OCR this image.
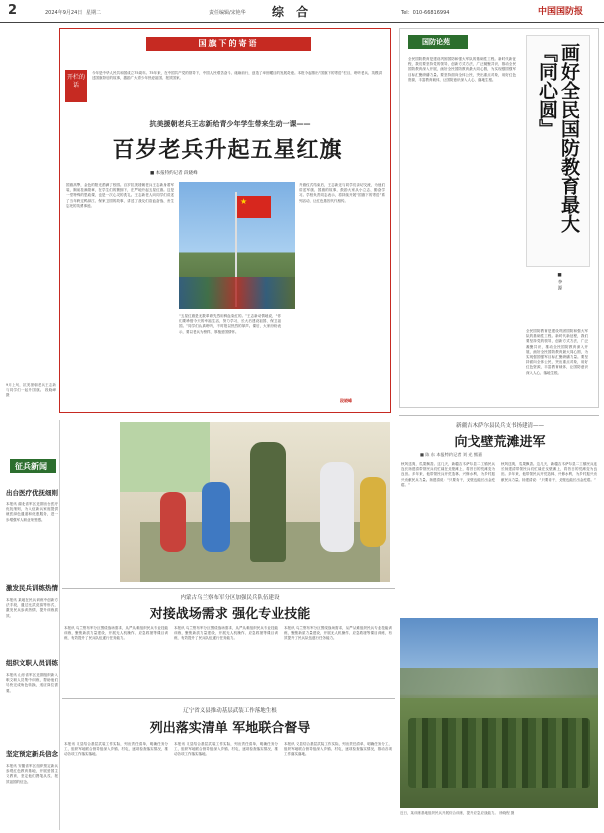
2	2024年9月24日 星期二	责任编辑/宋艳华 综 合	Tel：010-66816994	中国国防报
国旗下的寄语
开栏的话
今年是中华人民共和国成立75周年。75年来，在中国共产党的领导下，中国人民艰苦奋斗、砥砺前行，创造了举世瞩目的发展奇迹。本报今起推出“国旗下的寄语”栏目，聆听老兵、英模讲述国旗背后的故事，激励广大青少年热爱祖国、报效国家。
抗美援朝老兵王志新给青少年学生带来生动一课——
百岁老兵升起五星红旗
■ 本报特约记者 段晓峰
★
国旗高擎，金色的阳光洒满了校园。百岁抗美援朝老兵王志新身着军装，胸前挂满勋章，在学生们的簇拥下，庄严地升起五星红旗。这是一堂特殊的思政课，也是一次心灵的洗礼。王志新老人向同学们讲述了当年跨过鸭绿江、保家卫国的故事，讲述了战友们浴血奋战、舍生忘死的英勇事迹。
“五星红旗是无数革命先烈用鲜血染红的。”王志新动情地说，“你们要珍惜今天的幸福生活，努力学习，长大后建设祖国、保卫祖国。”同学们认真聆听，不时报以热烈的掌声。课后，大家纷纷表示，要以老兵为榜样，厚植爱国情怀。
升旗仪式结束后，王志新还与同学们亲切交流，为他们讲述军旗、国旗的故事，鼓励大家从小立志、勤奋学习。学校负责同志表示，将持续开展“国旗下的寄语”系列活动，让红色基因代代相传。
段晓峰
9月上旬，抗美援朝老兵王志新与同学们一起升国旗。 段晓峰 摄
征兵新闻
出台医疗优抚细则
本报讯 湖北省军区近期出台医疗优抚细则，为入伍新兵家庭提供就医绿色通道和优惠服务，进一步增强军人职业荣誉感。
激发民兵训练热情
本报讯 某地在民兵训练中创新方法手段，通过比武竞赛等形式，激发民兵参训热情，提升训练质效。
组织文职人员训练
本报讯 山东省军区近期组织新入职文职人员集中训练，帮助他们尽快完成角色转换，适应岗位需要。
坚定预定新兵信念
本报讯 安徽省军区组织预定新兵参观红色教育基地，开展爱国主义教育，坚定他们携笔从戎、报效祖国的信念。
国防论苑
画好全民国防教育最大『同心圆』
■ 李 源
全民国防教育是建设巩固国防和强大军队的基础性工程。新时代新征程，我们要坚持党的领导，创新方式方法，广泛凝聚共识，推动全民国防教育深入开展，画好全民国防教育最大同心圆，为实现强国强军目标汇聚磅礴力量。要坚持面向全体公民，突出重点对象，用好红色资源，丰富教育载体，让国防意识深入人心、落地生根。
全民国防教育是建设巩固国防和强大军队的基础性工程。新时代新征程，我们要坚持党的领导，创新方式方法，广泛凝聚共识，推动全民国防教育深入开展，画好全民国防教育最大同心圆，为实现强国强军目标汇聚磅礴力量。要坚持面向全体公民，突出重点对象，用好红色资源，丰富教育载体，让国防意识深入人心、落地生根。
新疆吉木萨尔县民兵支书扬建清——
向戈壁荒滩进军
■ 陈 东 本报特约记者 刘 光 熊嘉
秋风送爽，瓜果飘香。这几天，新疆吉木萨尔县二工镇民兵连长扬建清带领民兵们忙碌在戈壁滩上，将昔日的荒滩变为良田。多年来，他带领民兵开荒造林、兴修水利，为乡村振兴贡献民兵力量。扬建清说：“只要肯干，戈壁也能长出金疙瘩。”
秋风送爽，瓜果飘香。这几天，新疆吉木萨尔县二工镇民兵连长扬建清带领民兵们忙碌在戈壁滩上，将昔日的荒滩变为良田。多年来，他带领民兵开荒造林、兴修水利，为乡村振兴贡献民兵力量。扬建清说：“只要肯干，戈壁也能长出金疙瘩。”
内蒙古乌兰察布军分区加强民兵队伍建设
对接战场需求 强化专业技能
本报讯 乌兰察布军分区围绕战场需求，从严从难组织民兵专业技能训练，聚焦新质力量建设，开展无人机操作、应急救援等课目训练，有效提升了民兵队伍遂行任务能力。
本报讯 乌兰察布军分区围绕战场需求，从严从难组织民兵专业技能训练，聚焦新质力量建设，开展无人机操作、应急救援等课目训练，有效提升了民兵队伍遂行任务能力。
本报讯 乌兰察布军分区围绕战场需求，从严从难组织民兵专业技能训练，聚焦新质力量建设，开展无人机操作、应急救援等课目训练，有效提升了民兵队伍遂行任务能力。
辽宁省义县推动基层武装工作落地生根
列出落实清单 军地联合督导
本报讯 义县结合基层武装工作实际，列出责任清单，明确任务分工，组织军地联合督导组深入乡镇、村屯，逐项检查落实情况，推动各项工作落实落地。
本报讯 义县结合基层武装工作实际，列出责任清单，明确任务分工，组织军地联合督导组深入乡镇、村屯，逐项检查落实情况，推动各项工作落实落地。
本报讯 义县结合基层武装工作实际，列出责任清单，明确任务分工，组织军地联合督导组深入乡镇、村屯，逐项检查落实情况，推动各项工作落实落地。
近日，某训练基地组织民兵开展综合训练，提升应急应战能力。 徐晓程 摄
